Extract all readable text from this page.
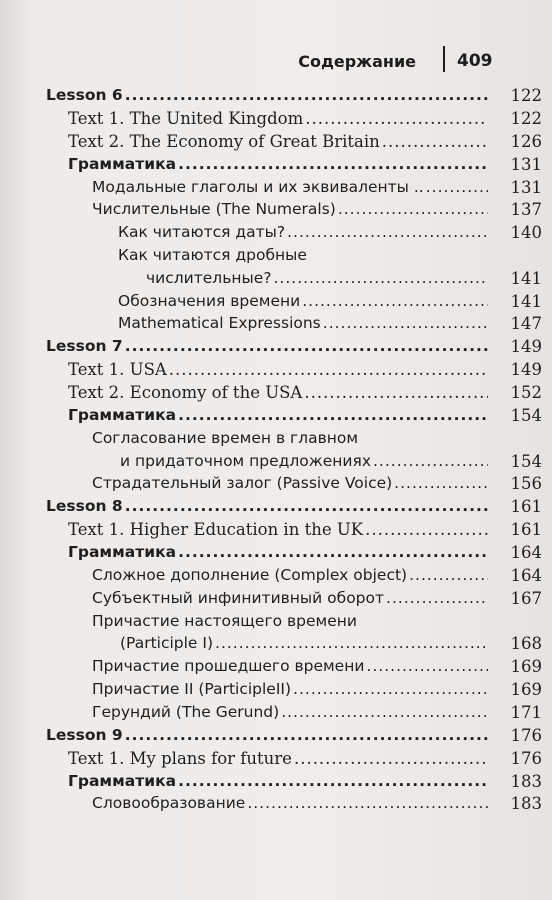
Содержание 409
Lesson 6 .....	122
Text 1. The United Kingdom .....	122
Text 2. The Economy of Great Britain .....	126
Грамматика .....	131
Модальные глаголы и их эквиваленты .. .....	131
Числительные (The Numerals) .....	137
Как читаются даты? .....	140
Как читаются дробные
числительные? .....	141
Обозначения времени .....	141
Mathematical Expressions .....	147
Lesson 7 .....	149
Text 1. USA .....	149
Text 2. Economy of the USA .....	152
Грамматика .....	154
Согласование времен в главном
и придаточном предложениях .....	154
Страдательный залог (Passive Voice) .....	156
Lesson 8 .....	161
Text 1. Higher Education in the UK .....	161
Грамматика .....	164
Сложное дополнение (Complex object) .....	164
Субъектный инфинитивный оборот .....	167
Причастие настоящего времени
(Participle I) .....	168
Причастие прошедшего времени .....	169
Причастие II (ParticipleII) .....	169
Герундий (The Gerund) .....	171
Lesson 9 .....	176
Text 1. My plans for future .....	176
Грамматика .....	183
Словообразование .....	183
